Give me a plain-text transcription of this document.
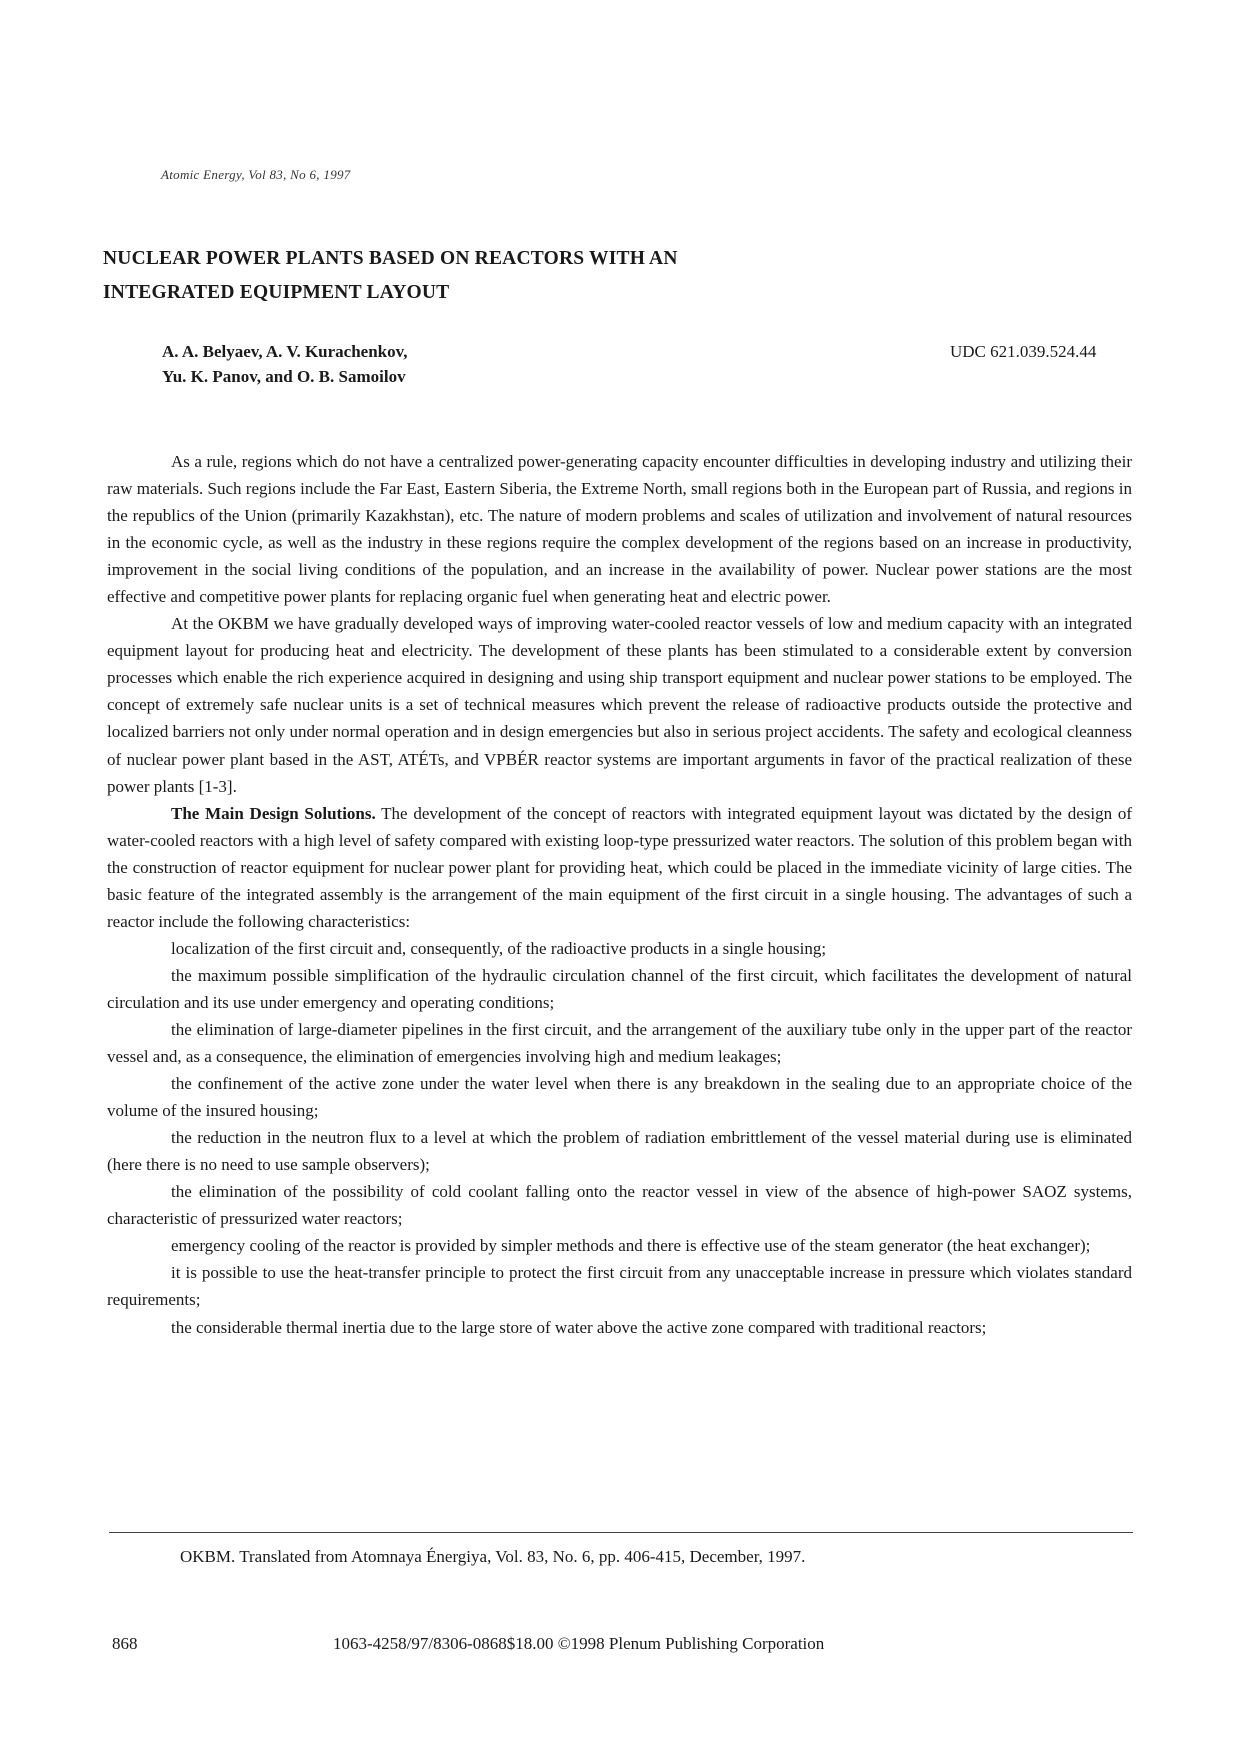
Atomic Energy, Vol 83, No 6, 1997
NUCLEAR POWER PLANTS BASED ON REACTORS WITH AN
INTEGRATED EQUIPMENT LAYOUT
A. A. Belyaev, A. V. Kurachenkov,
Yu. K. Panov, and O. B. Samoilov
UDC 621.039.524.44

As a rule, regions which do not have a centralized power-generating capacity encounter difficulties in developing industry and utilizing their raw materials. Such regions include the Far East, Eastern Siberia, the Extreme North, small regions both in the European part of Russia, and regions in the republics of the Union (primarily Kazakhstan), etc. The nature of modern problems and scales of utilization and involvement of natural resources in the economic cycle, as well as the industry in these regions require the complex development of the regions based on an increase in productivity, improvement in the social living conditions of the population, and an increase in the availability of power. Nuclear power stations are the most effective and competitive power plants for replacing organic fuel when generating heat and electric power.

At the OKBM we have gradually developed ways of improving water-cooled reactor vessels of low and medium capacity with an integrated equipment layout for producing heat and electricity. The development of these plants has been stimulated to a considerable extent by conversion processes which enable the rich experience acquired in designing and using ship transport equipment and nuclear power stations to be employed. The concept of extremely safe nuclear units is a set of technical measures which prevent the release of radioactive products outside the protective and localized barriers not only under normal operation and in design emergencies but also in serious project accidents. The safety and ecological cleanness of nuclear power plant based in the AST, ATÉTs, and VPBÉR reactor systems are important arguments in favor of the practical realization of these power plants [1-3].

The Main Design Solutions. The development of the concept of reactors with integrated equipment layout was dictated by the design of water-cooled reactors with a high level of safety compared with existing loop-type pressurized water reactors. The solution of this problem began with the construction of reactor equipment for nuclear power plant for providing heat, which could be placed in the immediate vicinity of large cities. The basic feature of the integrated assembly is the arrangement of the main equipment of the first circuit in a single housing. The advantages of such a reactor include the following characteristics:

localization of the first circuit and, consequently, of the radioactive products in a single housing;

the maximum possible simplification of the hydraulic circulation channel of the first circuit, which facilitates the development of natural circulation and its use under emergency and operating conditions;

the elimination of large-diameter pipelines in the first circuit, and the arrangement of the auxiliary tube only in the upper part of the reactor vessel and, as a consequence, the elimination of emergencies involving high and medium leakages;

the confinement of the active zone under the water level when there is any breakdown in the sealing due to an appropriate choice of the volume of the insured housing;

the reduction in the neutron flux to a level at which the problem of radiation embrittlement of the vessel material during use is eliminated (here there is no need to use sample observers);

the elimination of the possibility of cold coolant falling onto the reactor vessel in view of the absence of high-power SAOZ systems, characteristic of pressurized water reactors;

emergency cooling of the reactor is provided by simpler methods and there is effective use of the steam generator (the heat exchanger);

it is possible to use the heat-transfer principle to protect the first circuit from any unacceptable increase in pressure which violates standard requirements;

the considerable thermal inertia due to the large store of water above the active zone compared with traditional reactors;

OKBM. Translated from Atomnaya Énergiya, Vol. 83, No. 6, pp. 406-415, December, 1997.
868	1063-4258/97/8306-0868$18.00 ©1998 Plenum Publishing Corporation
